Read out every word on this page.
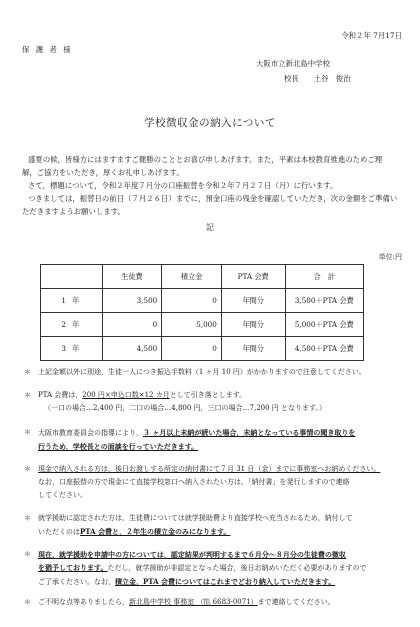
令和２年 7月17日
保 護 者 様
大阪市立新北島中学校
校長　　土谷　俊治
学校徴収金の納入について
盛夏の候，皆様方にはますますご健勝のこととお喜び申しあげます。また，平素は本校教育推進のためご理
解，ご協力をいただき，厚くお礼申しあげます。
さて，標題について，令和２年度７月分の口座振替を令和２年７月２７日（月）に行います。
つきましては，振替日の前日（７月２６日）までに，預金口座の残金を確認していただき，次の金額をご準備い
ただきますようお願いします。
記
単位:円
	生徒費	積立金	PTA 会費	合　計
1 年	3,500	0	年間分	3,500＋PTA 会費
2 年	0	5,000	年間分	5,000＋PTA 会費
3 年	4,500	0	年間分	4,500＋PTA 会費
＊ 上記金額以外に別途，生徒一人につき振込手数料（1 ヶ月 10 円）がかかりますので注意してください。
＊ PTA 会費は，200 円×申込口数×12 カ月として引き落とします。
（一口の場合…2,400 円，二口の場合…4,800 円，三口の場合…7,200 円 となります。）
＊ 大阪市教育委員会の指導により，３ ヶ月以上未納が続いた場合，未納となっている事情の聞き取りを
行うため，学校長との面談を行っていただきます。
＊ 現金で納入される方は，後日お渡しする所定の納付書にて７月 31 日（金）までに事務室へお納めください。
なお，口座振替の方で現金にて直接学校窓口へ納入されたい方は，「納付書」を発行しますので連絡
してください。
＊ 就学援助に認定された方は，生徒費については就学援助費より直接学校へ充当されるため，納付して
いただくのはPTA 会費と，２年生の積立金のみになります。
＊ 現在，就学援助を申請中の方については，認定結果が判明するまで６月分～８月分の生徒費の徴収
を猶予しております。ただし，就学援助が非認定となった場合，後日お納めいただく必要がありますので
ご了承ください。なお，積立金，PTA 会費についてはこれまでどおり納入していただきます。
＊ ご不明な点等ありましたら，新北島中学校 事務室 （℡ 6683-0071）まで連絡してください。
